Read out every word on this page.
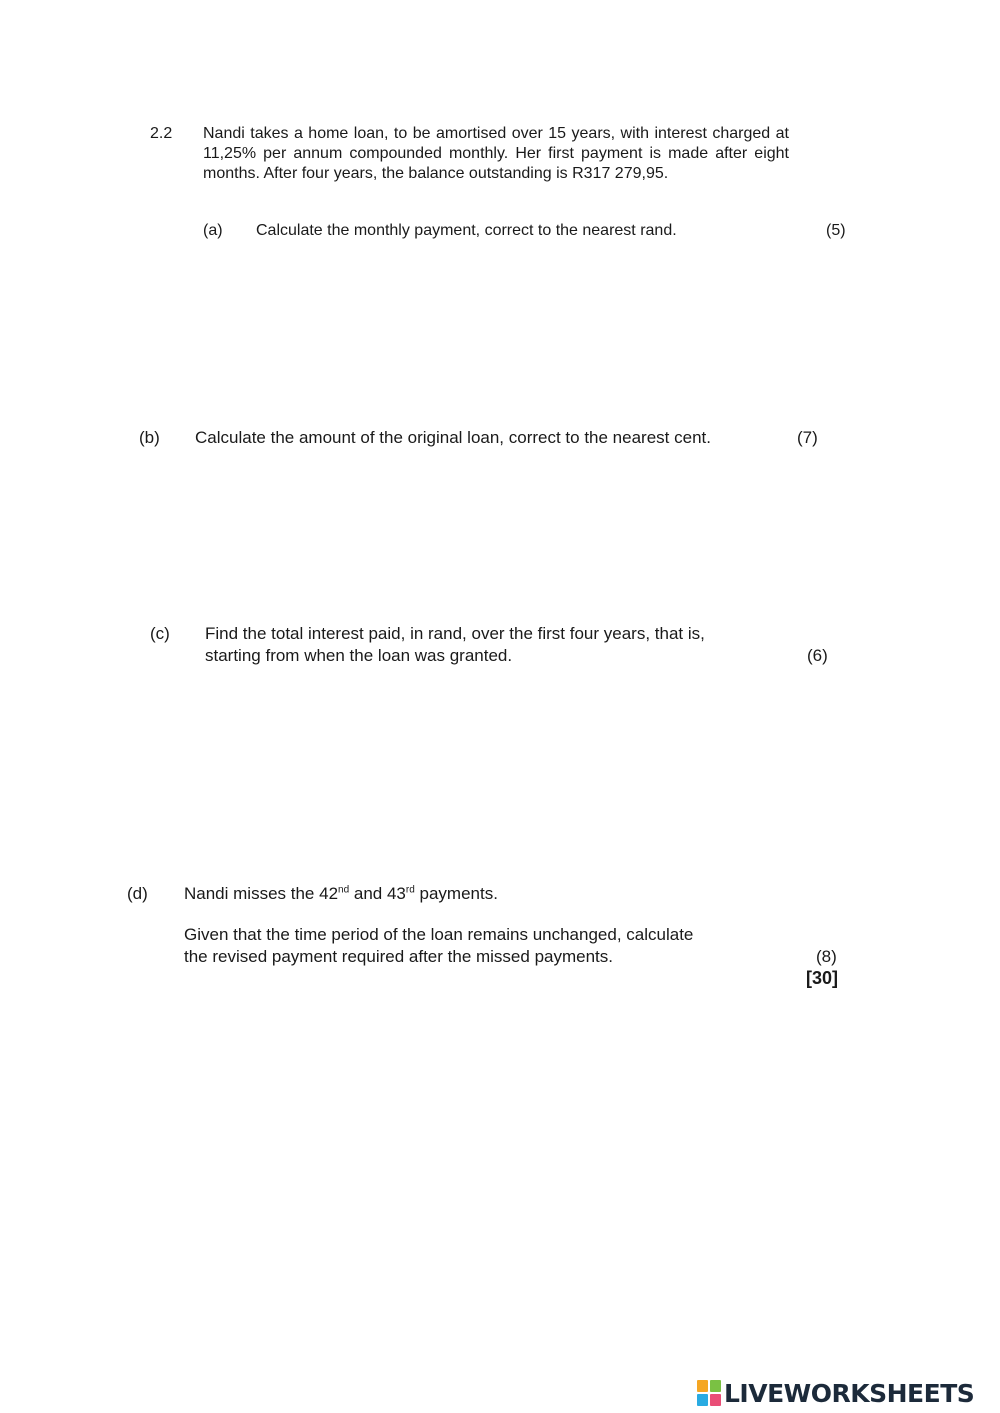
2.2 Nandi takes a home loan, to be amortised over 15 years, with interest charged at 11,25% per annum compounded monthly. Her first payment is made after eight months. After four years, the balance outstanding is R317 279,95.
(a) Calculate the monthly payment, correct to the nearest rand.	(5)
(b) Calculate the amount of the original loan, correct to the nearest cent.	(7)
(c) Find the total interest paid, in rand, over the first four years, that is,
starting from when the loan was granted.	(6)
(d) Nandi misses the 42nd and 43rd payments.
Given that the time period of the loan remains unchanged, calculate
the revised payment required after the missed payments.	(8)
[30]
LIVEWORKSHEETS
